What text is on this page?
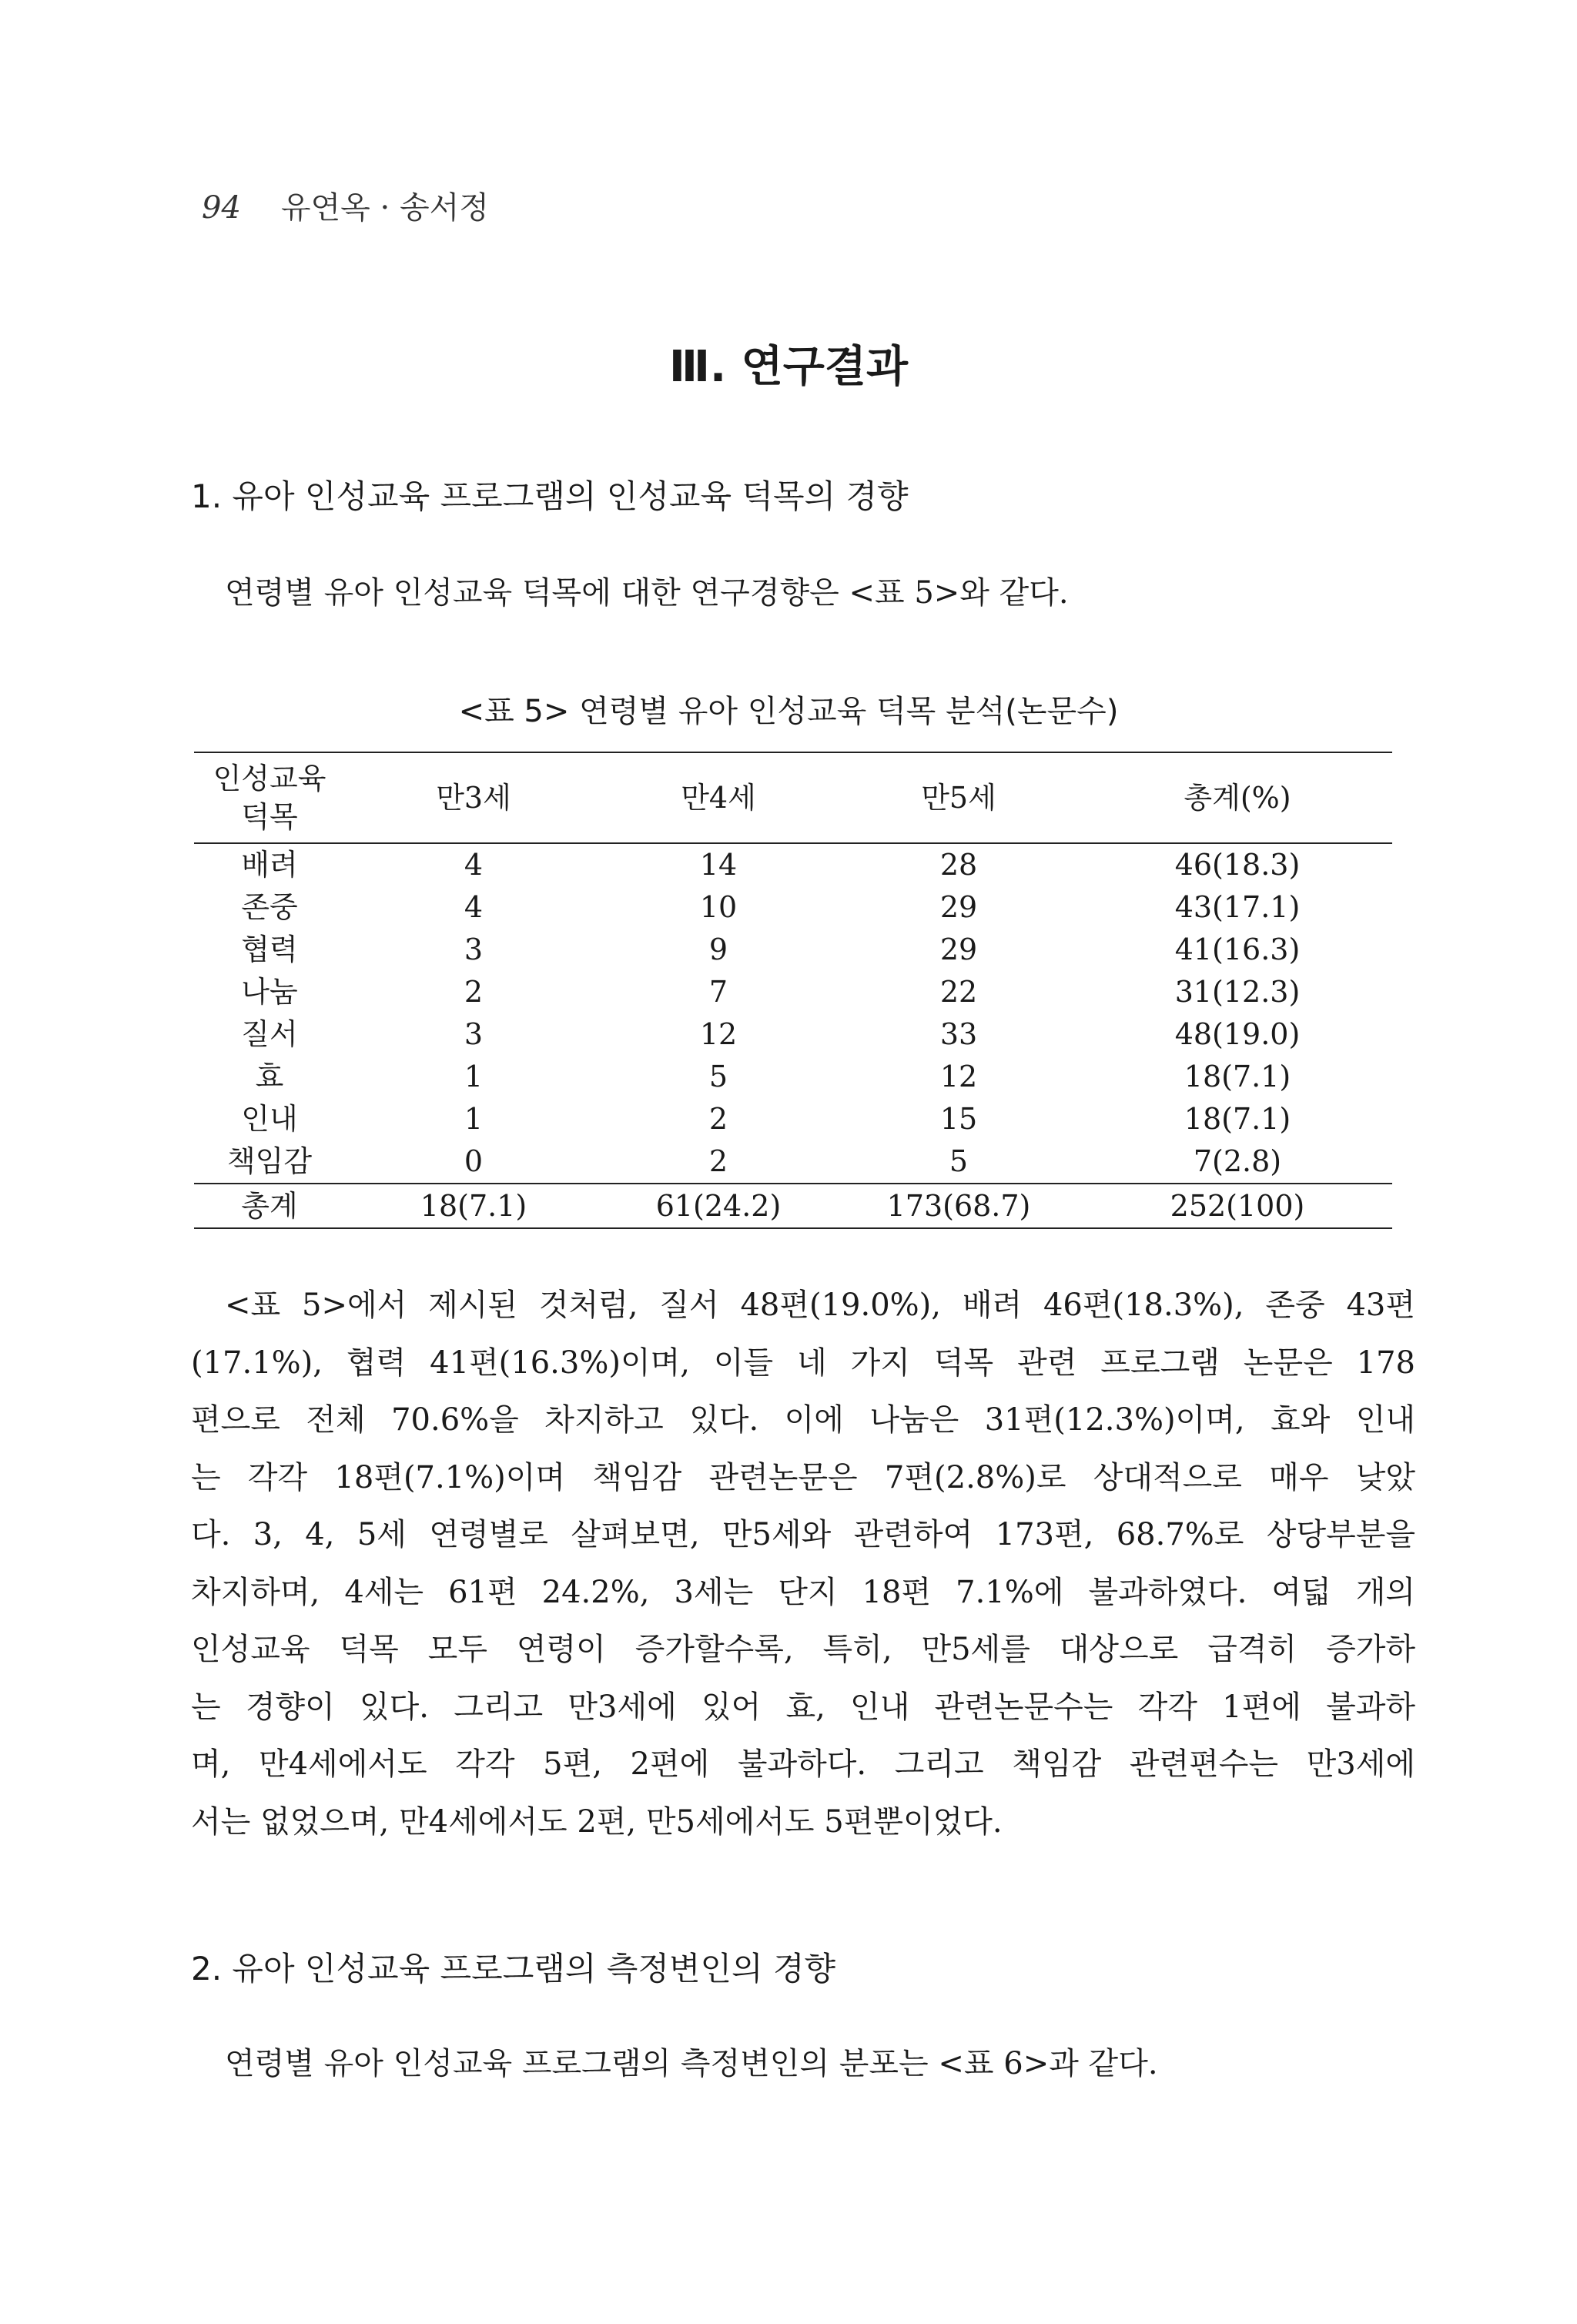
94 유연옥 · 송서정
Ⅲ. 연구결과
1. 유아 인성교육 프로그램의 인성교육 덕목의 경향
연령별 유아 인성교육 덕목에 대한 연구경향은 <표 5>와 같다.
<표 5> 연령별 유아 인성교육 덕목 분석(논문수)
인성교육
덕목	만3세	만4세	만5세	총계(%)
배려	4	14	28	46(18.3)
존중	4	10	29	43(17.1)
협력	3	9	29	41(16.3)
나눔	2	7	22	31(12.3)
질서	3	12	33	48(19.0)
효	1	5	12	18(7.1)
인내	1	2	15	18(7.1)
책임감	0	2	5	7(2.8)
총계	18(7.1)	61(24.2)	173(68.7)	252(100)
<표 5>에서 제시된 것처럼, 질서 48편(19.0%), 배려 46편(18.3%), 존중 43편
(17.1%), 협력 41편(16.3%)이며, 이들 네 가지 덕목 관련 프로그램 논문은 178
편으로 전체 70.6%을 차지하고 있다. 이에 나눔은 31편(12.3%)이며, 효와 인내
는 각각 18편(7.1%)이며 책임감 관련논문은 7편(2.8%)로 상대적으로 매우 낮았
다. 3, 4, 5세 연령별로 살펴보면, 만5세와 관련하여 173편, 68.7%로 상당부분을
차지하며, 4세는 61편 24.2%, 3세는 단지 18편 7.1%에 불과하였다. 여덟 개의
인성교육 덕목 모두 연령이 증가할수록, 특히, 만5세를 대상으로 급격히 증가하
는 경향이 있다. 그리고 만3세에 있어 효, 인내 관련논문수는 각각 1편에 불과하
며, 만4세에서도 각각 5편, 2편에 불과하다. 그리고 책임감 관련편수는 만3세에
서는 없었으며, 만4세에서도 2편, 만5세에서도 5편뿐이었다.
2. 유아 인성교육 프로그램의 측정변인의 경향
연령별 유아 인성교육 프로그램의 측정변인의 분포는 <표 6>과 같다.
